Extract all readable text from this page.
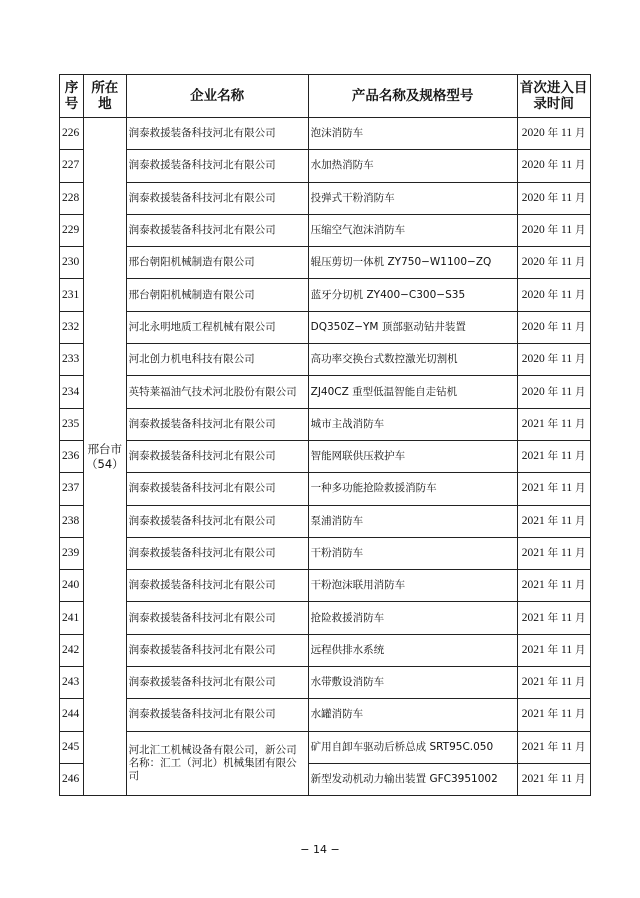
序号	所在地	企业名称	产品名称及规格型号	首次进入目录时间
226	邢台市（54）	润泰救援装备科技河北有限公司	泡沫消防车	2020 年 11 月
227		润泰救援装备科技河北有限公司	水加热消防车	2020 年 11 月
228		润泰救援装备科技河北有限公司	投弹式干粉消防车	2020 年 11 月
229		润泰救援装备科技河北有限公司	压缩空气泡沫消防车	2020 年 11 月
230		邢台朝阳机械制造有限公司	辊压剪切一体机 ZY750−W1100−ZQ	2020 年 11 月
231		邢台朝阳机械制造有限公司	蓝牙分切机 ZY400−C300−S35	2020 年 11 月
232		河北永明地质工程机械有限公司	DQ350Z−YM 顶部驱动钻井装置	2020 年 11 月
233		河北创力机电科技有限公司	高功率交换台式数控激光切割机	2020 年 11 月
234		英特莱福油气技术河北股份有限公司	ZJ40CZ 重型低温智能自走钻机	2020 年 11 月
235		润泰救援装备科技河北有限公司	城市主战消防车	2021 年 11 月
236		润泰救援装备科技河北有限公司	智能网联供压救护车	2021 年 11 月
237		润泰救援装备科技河北有限公司	一种多功能抢险救援消防车	2021 年 11 月
238		润泰救援装备科技河北有限公司	泵浦消防车	2021 年 11 月
239		润泰救援装备科技河北有限公司	干粉消防车	2021 年 11 月
240		润泰救援装备科技河北有限公司	干粉泡沫联用消防车	2021 年 11 月
241		润泰救援装备科技河北有限公司	抢险救援消防车	2021 年 11 月
242		润泰救援装备科技河北有限公司	远程供排水系统	2021 年 11 月
243		润泰救援装备科技河北有限公司	水带敷设消防车	2021 年 11 月
244		润泰救援装备科技河北有限公司	水罐消防车	2021 年 11 月
245		河北汇工机械设备有限公司，新公司名称：汇工（河北）机械集团有限公司	矿用自卸车驱动后桥总成 SRT95C.050	2021 年 11 月
246			新型发动机动力输出装置 GFC3951002	2021 年 11 月
− 14 −
